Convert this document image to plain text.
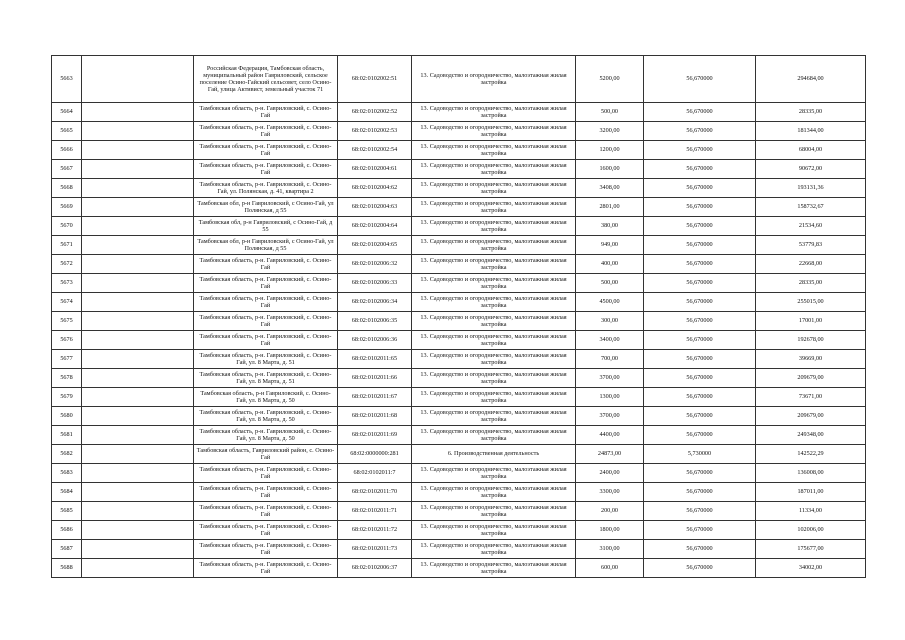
5663		Российская Федерация, Тамбовская область, муниципальный район Гавриловский, сельское поселение Осино-Гайский сельсовет, село Осино-Гай, улица Активист, земельный участок 71	68:02:0102002:51	13. Садоводство и огородничество, малоэтажная жилая застройка	5200,00	56,670000	294684,00
5664		Тамбовская область, р-н. Гавриловский, с. Осино-Гай	68:02:0102002:52	13. Садоводство и огородничество, малоэтажная жилая застройка	500,00	56,670000	28335,00
5665		Тамбовская область, р-н. Гавриловский, с. Осино-Гай	68:02:0102002:53	13. Садоводство и огородничество, малоэтажная жилая застройка	3200,00	56,670000	181344,00
5666		Тамбовская область, р-н. Гавриловский, с. Осино-Гай	68:02:0102002:54	13. Садоводство и огородничество, малоэтажная жилая застройка	1200,00	56,670000	68004,00
5667		Тамбовская область, р-н. Гавриловский, с. Осино-Гай	68:02:0102004:61	13. Садоводство и огородничество, малоэтажная жилая застройка	1600,00	56,670000	90672,00
5668		Тамбовская область, р-н. Гавриловский, с. Осино-Гай, ул. Полянская, д. 41, квартира 2	68:02:0102004:62	13. Садоводство и огородничество, малоэтажная жилая застройка	3408,00	56,670000	193131,36
5669		Тамбовская обл, р-н Гавриловский, с Осино-Гай, ул Полянская, д 55	68:02:0102004:63	13. Садоводство и огородничество, малоэтажная жилая застройка	2801,00	56,670000	158732,67
5670		Тамбовская обл, р-н Гавриловский, с Осино-Гай, д 55	68:02:0102004:64	13. Садоводство и огородничество, малоэтажная жилая застройка	380,00	56,670000	21534,60
5671		Тамбовская обл, р-н Гавриловский, с Осино-Гай, ул Полянская, д 55	68:02:0102004:65	13. Садоводство и огородничество, малоэтажная жилая застройка	949,00	56,670000	53779,83
5672		Тамбовская область, р-н. Гавриловский, с. Осино-Гай	68:02:0102006:32	13. Садоводство и огородничество, малоэтажная жилая застройка	400,00	56,670000	22668,00
5673		Тамбовская область, р-н. Гавриловский, с. Осино-Гай	68:02:0102006:33	13. Садоводство и огородничество, малоэтажная жилая застройка	500,00	56,670000	28335,00
5674		Тамбовская область, р-н. Гавриловский, с. Осино-Гай	68:02:0102006:34	13. Садоводство и огородничество, малоэтажная жилая застройка	4500,00	56,670000	255015,00
5675		Тамбовская область, р-н. Гавриловский, с. Осино-Гай	68:02:0102006:35	13. Садоводство и огородничество, малоэтажная жилая застройка	300,00	56,670000	17001,00
5676		Тамбовская область, р-н. Гавриловский, с. Осино-Гай	68:02:0102006:36	13. Садоводство и огородничество, малоэтажная жилая застройка	3400,00	56,670000	192678,00
5677		Тамбовская область, р-н. Гавриловский, с. Осино-Гай, ул. 8 Марта, д. 51	68:02:0102011:65	13. Садоводство и огородничество, малоэтажная жилая застройка	700,00	56,670000	39669,00
5678		Тамбовская область, р-н. Гавриловский, с. Осино-Гай, ул. 8 Марта, д. 51	68:02:0102011:66	13. Садоводство и огородничество, малоэтажная жилая застройка	3700,00	56,670000	209679,00
5679		Тамбовская область, р-н Гавриловский, с. Осино-Гай, ул. 8 Марта, д. 50	68:02:0102011:67	13. Садоводство и огородничество, малоэтажная жилая застройка	1300,00	56,670000	73671,00
5680		Тамбовская область, р-н. Гавриловский, с. Осино-Гай, ул. 8 Марта, д. 50	68:02:0102011:68	13. Садоводство и огородничество, малоэтажная жилая застройка	3700,00	56,670000	209679,00
5681		Тамбовская область, р-н. Гавриловский, с. Осино-Гай, ул. 8 Марта, д. 50	68:02:0102011:69	13. Садоводство и огородничество, малоэтажная жилая застройка	4400,00	56,670000	249348,00
5682		Тамбовская область, Гавриловский район, с. Осино-Гай	68:02:0000000:281	6. Производственная деятельность	24873,00	5,730000	142522,29
5683		Тамбовская область, р-н. Гавриловский, с. Осино-Гай	68:02:0102011:7	13. Садоводство и огородничество, малоэтажная жилая застройка	2400,00	56,670000	136008,00
5684		Тамбовская область, р-н. Гавриловский, с. Осино-Гай	68:02:0102011:70	13. Садоводство и огородничество, малоэтажная жилая застройка	3300,00	56,670000	187011,00
5685		Тамбовская область, р-н. Гавриловский, с. Осино-Гай	68:02:0102011:71	13. Садоводство и огородничество, малоэтажная жилая застройка	200,00	56,670000	11334,00
5686		Тамбовская область, р-н. Гавриловский, с. Осино-Гай	68:02:0102011:72	13. Садоводство и огородничество, малоэтажная жилая застройка	1800,00	56,670000	102006,00
5687		Тамбовская область, р-н. Гавриловский, с. Осино-Гай	68:02:0102011:73	13. Садоводство и огородничество, малоэтажная жилая застройка	3100,00	56,670000	175677,00
5688		Тамбовская область, р-н. Гавриловский, с. Осино-Гай	68:02:0102006:37	13. Садоводство и огородничество, малоэтажная жилая застройка	600,00	56,670000	34002,00
